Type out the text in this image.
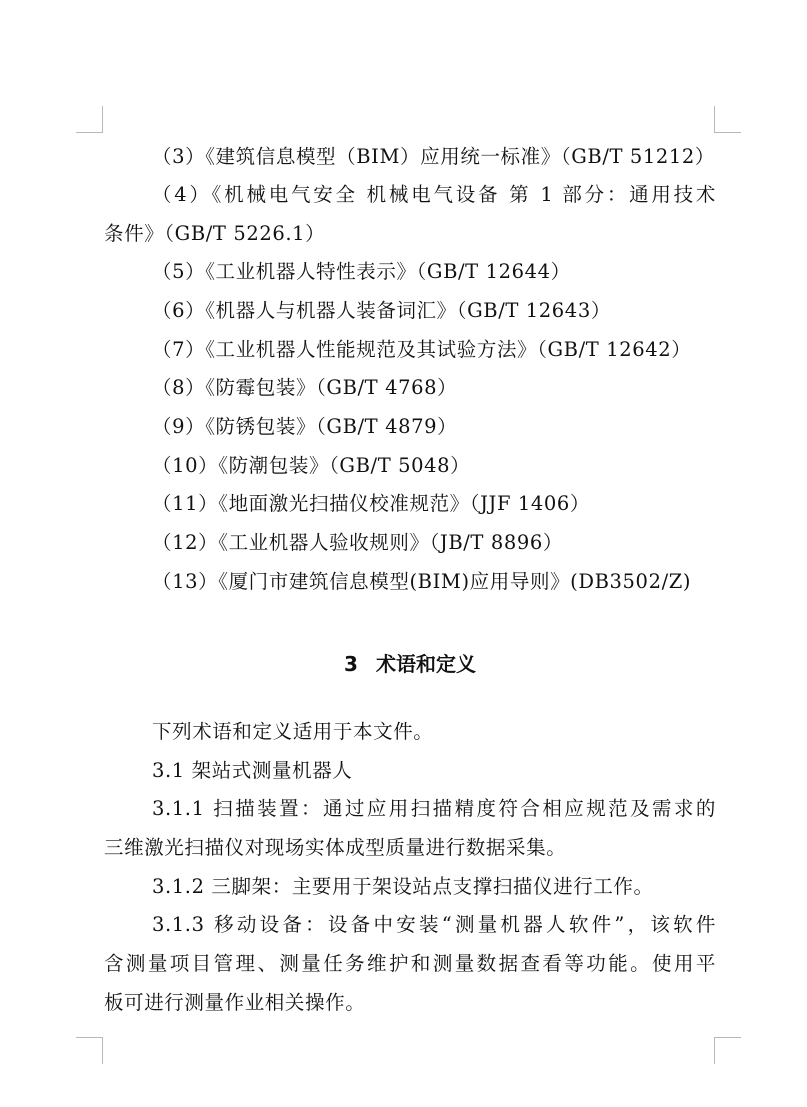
（3）《建筑信息模型（BIM）应用统一标准》（GB/T 51212）
（4）《机械电气安全 机械电气设备 第 1 部分：通用技术
条件》（GB/T 5226.1）
（5）《工业机器人特性表示》（GB/T 12644）
（6）《机器人与机器人装备词汇》（GB/T 12643）
（7）《工业机器人性能规范及其试验方法》（GB/T 12642）
（8）《防霉包装》（GB/T 4768）
（9）《防锈包装》（GB/T 4879）
（10）《防潮包装》（GB/T 5048）
（11）《地面激光扫描仪校准规范》（JJF 1406）
（12）《工业机器人验收规则》（JB/T 8896）
（13）《厦门市建筑信息模型(BIM)应用导则》(DB3502/Z)
3 术语和定义
下列术语和定义适用于本文件。
3.1 架站式测量机器人
3.1.1 扫描装置：通过应用扫描精度符合相应规范及需求的
三维激光扫描仪对现场实体成型质量进行数据采集。
3.1.2 三脚架：主要用于架设站点支撑扫描仪进行工作。
3.1.3 移动设备：设备中安装“测量机器人软件”，该软件
含测量项目管理、测量任务维护和测量数据查看等功能。使用平
板可进行测量作业相关操作。
